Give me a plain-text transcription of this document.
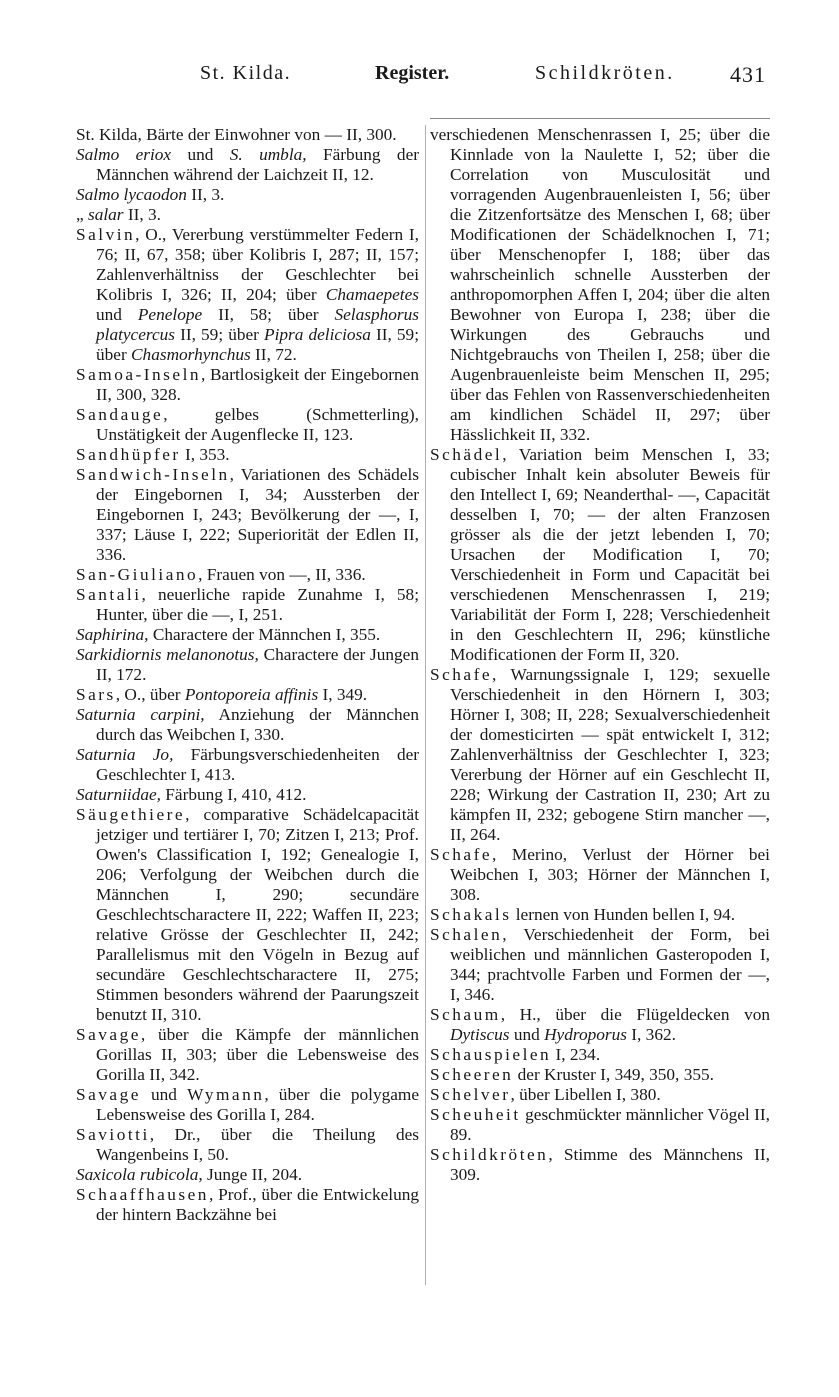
St. Kilda.	Register.	Schildkröten.	431

St. Kilda, Bärte der Einwohner von — II, 300.

Salmo eriox und S. umbla, Färbung der Männchen während der Laichzeit II, 12.

Salmo lycaodon II, 3.

„ salar II, 3.

Salvin, O., Vererbung verstümmelter Federn I, 76; II, 67, 358; über Kolibris I, 287; II, 157; Zahlenverhältniss der Geschlechter bei Kolibris I, 326; II, 204; über Chamaepetes und Penelope II, 58; über Selasphorus platycercus II, 59; über Pipra deliciosa II, 59; über Chasmorhynchus II, 72.

Samoa-Inseln, Bartlosigkeit der Eingebornen II, 300, 328.

Sandauge, gelbes (Schmetterling), Unstätigkeit der Augenflecke II, 123.

Sandhüpfer I, 353.

Sandwich-Inseln, Variationen des Schädels der Eingebornen I, 34; Aussterben der Eingebornen I, 243; Bevölkerung der —, I, 337; Läuse I, 222; Superiorität der Edlen II, 336.

San-Giuliano, Frauen von —, II, 336.

Santali, neuerliche rapide Zunahme I, 58; Hunter, über die —, I, 251.

Saphirina, Charactere der Männchen I, 355.

Sarkidiornis melanonotus, Charactere der Jungen II, 172.

Sars, O., über Pontoporeia affinis I, 349.

Saturnia carpini, Anziehung der Männchen durch das Weibchen I, 330.

Saturnia Jo, Färbungsverschiedenheiten der Geschlechter I, 413.

Saturniidae, Färbung I, 410, 412.

Säugethiere, comparative Schädelcapacität jetziger und tertiärer I, 70; Zitzen I, 213; Prof. Owen's Classification I, 192; Genealogie I, 206; Verfolgung der Weibchen durch die Männchen I, 290; secundäre Geschlechtscharactere II, 222; Waffen II, 223; relative Grösse der Geschlechter II, 242; Parallelismus mit den Vögeln in Bezug auf secundäre Geschlechtscharactere II, 275; Stimmen besonders während der Paarungszeit benutzt II, 310.

Savage, über die Kämpfe der männlichen Gorillas II, 303; über die Lebensweise des Gorilla II, 342.

Savage und Wymann, über die polygame Lebensweise des Gorilla I, 284.

Saviotti, Dr., über die Theilung des Wangenbeins I, 50.

Saxicola rubicola, Junge II, 204.

Schaaffhausen, Prof., über die Entwickelung der hintern Backzähne bei

verschiedenen Menschenrassen I, 25; über die Kinnlade von la Naulette I, 52; über die Correlation von Musculosität und vorragenden Augenbrauenleisten I, 56; über die Zitzenfortsätze des Menschen I, 68; über Modificationen der Schädelknochen I, 71; über Menschenopfer I, 188; über das wahrscheinlich schnelle Aussterben der anthropomorphen Affen I, 204; über die alten Bewohner von Europa I, 238; über die Wirkungen des Gebrauchs und Nichtgebrauchs von Theilen I, 258; über die Augenbrauenleiste beim Menschen II, 295; über das Fehlen von Rassenverschiedenheiten am kindlichen Schädel II, 297; über Hässlichkeit II, 332.

Schädel, Variation beim Menschen I, 33; cubischer Inhalt kein absoluter Beweis für den Intellect I, 69; Neanderthal- —, Capacität desselben I, 70; — der alten Franzosen grösser als die der jetzt lebenden I, 70; Ursachen der Modification I, 70; Verschiedenheit in Form und Capacität bei verschiedenen Menschenrassen I, 219; Variabilität der Form I, 228; Verschiedenheit in den Geschlechtern II, 296; künstliche Modificationen der Form II, 320.

Schafe, Warnungssignale I, 129; sexuelle Verschiedenheit in den Hörnern I, 303; Hörner I, 308; II, 228; Sexualverschiedenheit der domesticirten — spät entwickelt I, 312; Zahlenverhältniss der Geschlechter I, 323; Vererbung der Hörner auf ein Geschlecht II, 228; Wirkung der Castration II, 230; Art zu kämpfen II, 232; gebogene Stirn mancher —, II, 264.

Schafe, Merino, Verlust der Hörner bei Weibchen I, 303; Hörner der Männchen I, 308.

Schakals lernen von Hunden bellen I, 94.

Schalen, Verschiedenheit der Form, bei weiblichen und männlichen Gasteropoden I, 344; prachtvolle Farben und Formen der —, I, 346.

Schaum, H., über die Flügeldecken von Dytiscus und Hydroporus I, 362.

Schauspielen I, 234.

Scheeren der Kruster I, 349, 350, 355.

Schelver, über Libellen I, 380.

Scheuheit geschmückter männlicher Vögel II, 89.

Schildkröten, Stimme des Männchens II, 309.
